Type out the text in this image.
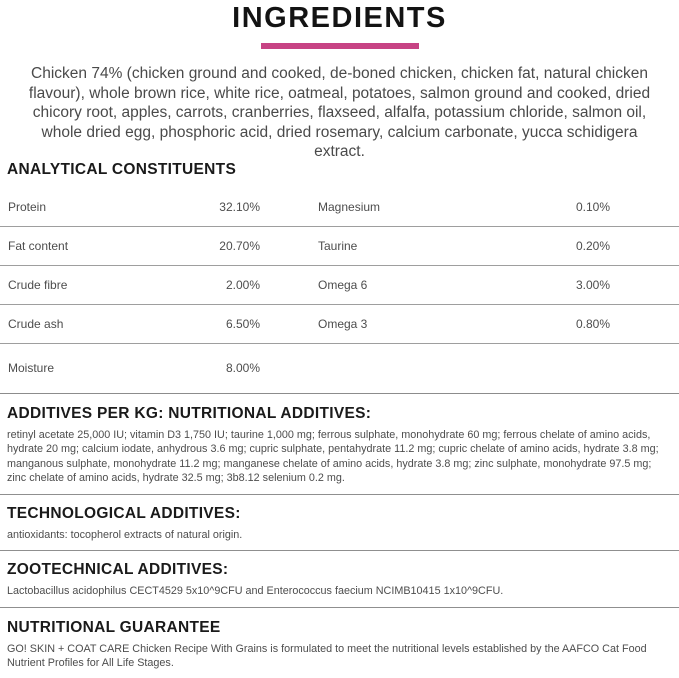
INGREDIENTS

Chicken 74% (chicken ground and cooked, de-boned chicken, chicken fat, natural chicken flavour), whole brown rice, white rice, oatmeal, potatoes, salmon ground and cooked, dried chicory root, apples, carrots, cranberries, flaxseed, alfalfa, potassium chloride, salmon oil, whole dried egg, phosphoric acid, dried rosemary, calcium carbonate, yucca schidigera extract.

ANALYTICAL CONSTITUENTS
Protein	32.10%	Magnesium	0.10%
Fat content	20.70%	Taurine	0.20%
Crude fibre	2.00%	Omega 6	3.00%
Crude ash	6.50%	Omega 3	0.80%
Moisture	8.00%
ADDITIVES PER KG: NUTRITIONAL ADDITIVES:

retinyl acetate 25,000 IU; vitamin D3 1,750 IU; taurine 1,000 mg; ferrous sulphate, monohydrate 60 mg; ferrous chelate of amino acids, hydrate 20 mg; calcium iodate, anhydrous 3.6 mg; cupric sulphate, pentahydrate 11.2 mg; cupric chelate of amino acids, hydrate 3.8 mg; manganous sulphate, monohydrate 11.2 mg; manganese chelate of amino acids, hydrate 3.8 mg; zinc sulphate, monohydrate 97.5 mg; zinc chelate of amino acids, hydrate 32.5 mg; 3b8.12 selenium 0.2 mg.

TECHNOLOGICAL ADDITIVES:

antioxidants: tocopherol extracts of natural origin.

ZOOTECHNICAL ADDITIVES:

Lactobacillus acidophilus CECT4529 5x10^9CFU and Enterococcus faecium NCIMB10415 1x10^9CFU.

NUTRITIONAL GUARANTEE

GO! SKIN + COAT CARE Chicken Recipe With Grains is formulated to meet the nutritional levels established by the AAFCO Cat Food Nutrient Profiles for All Life Stages.
